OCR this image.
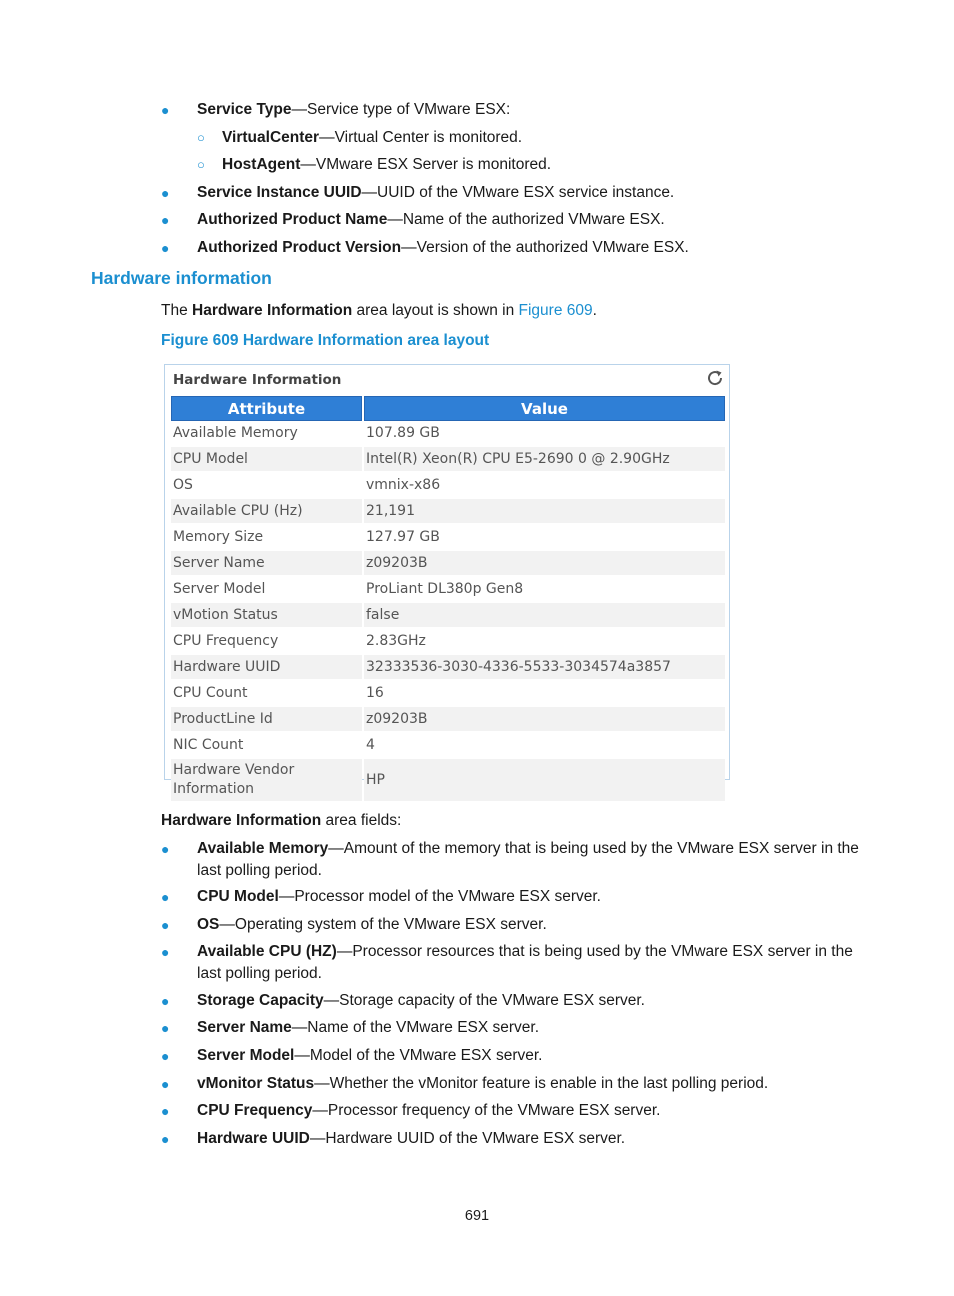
● Service Type—Service type of VMware ESX:
○ VirtualCenter—Virtual Center is monitored.
○ HostAgent—VMware ESX Server is monitored.
● Service Instance UUID—UUID of the VMware ESX service instance.
● Authorized Product Name—Name of the authorized VMware ESX.
● Authorized Product Version—Version of the authorized VMware ESX.
Hardware information
The Hardware Information area layout is shown in Figure 609.
Figure 609 Hardware Information area layout
Hardware Information
Attribute	Value
Available Memory	107.89 GB
CPU Model	Intel(R) Xeon(R) CPU E5-2690 0 @ 2.90GHz
OS	vmnix-x86
Available CPU (Hz)	21,191
Memory Size	127.97 GB
Server Name	z09203B
Server Model	ProLiant DL380p Gen8
vMotion Status	false
CPU Frequency	2.83GHz
Hardware UUID	32333536-3030-4336-5533-3034574a3857
CPU Count	16
ProductLine Id	z09203B
NIC Count	4
Hardware Vendor Information	HP
Hardware Information area fields:
● Available Memory—Amount of the memory that is being used by the VMware ESX server in the last polling period.
● CPU Model—Processor model of the VMware ESX server.
● OS—Operating system of the VMware ESX server.
● Available CPU (HZ)—Processor resources that is being used by the VMware ESX server in the last polling period.
● Storage Capacity—Storage capacity of the VMware ESX server.
● Server Name—Name of the VMware ESX server.
● Server Model—Model of the VMware ESX server.
● vMonitor Status—Whether the vMonitor feature is enable in the last polling period.
● CPU Frequency—Processor frequency of the VMware ESX server.
● Hardware UUID—Hardware UUID of the VMware ESX server.
691
